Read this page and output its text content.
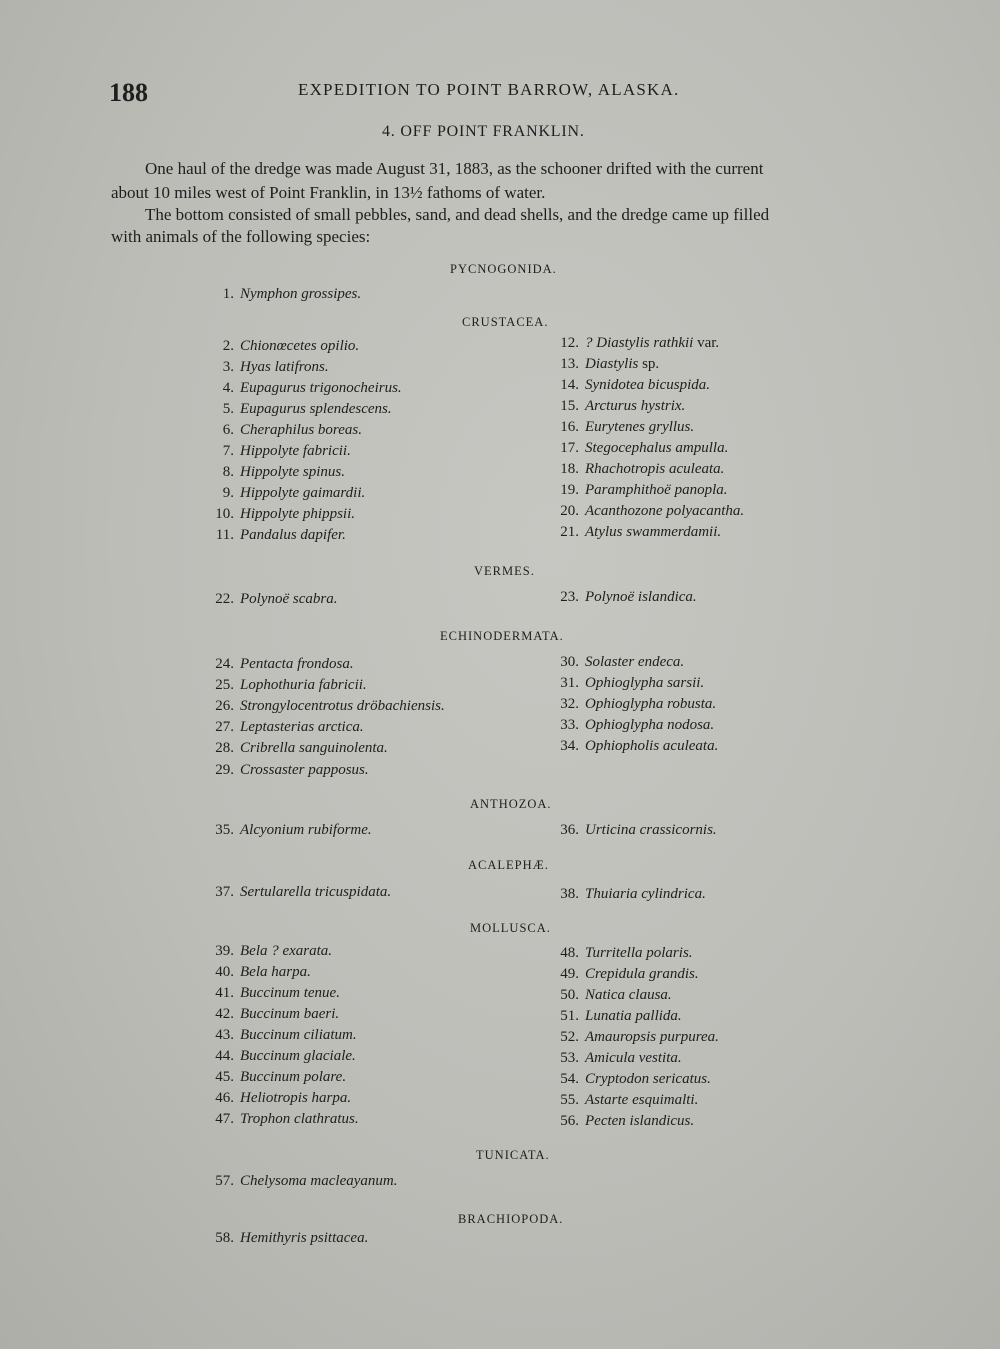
188	EXPEDITION TO POINT BARROW, ALASKA.
4. OFF POINT FRANKLIN.
One haul of the dredge was made August 31, 1883, as the schooner drifted with the current
about 10 miles west of Point Franklin, in 13½ fathoms of water.
The bottom consisted of small pebbles, sand, and dead shells, and the dredge came up filled
with animals of the following species:
PYCNOGONIDA.
CRUSTACEA.
VERMES.
ECHINODERMATA.
ANTHOZOA.
ACALEPHÆ.
MOLLUSCA.
TUNICATA.
BRACHIOPODA.
1. Nymphon grossipes.
2. Chionœcetes opilio.
3. Hyas latifrons.
4. Eupagurus trigonocheirus.
5. Eupagurus splendescens.
6. Cheraphilus boreas.
7. Hippolyte fabricii.
8. Hippolyte spinus.
9. Hippolyte gaimardii.
10. Hippolyte phippsii.
11. Pandalus dapifer.
12. ? Diastylis rathkii var.
13. Diastylis sp.
14. Synidotea bicuspida.
15. Arcturus hystrix.
16. Eurytenes gryllus.
17. Stegocephalus ampulla.
18. Rhachotropis aculeata.
19. Paramphithoë panopla.
20. Acanthozone polyacantha.
21. Atylus swammerdamii.
22. Polynoë scabra.	23. Polynoë islandica.
24. Pentacta frondosa.
25. Lophothuria fabricii.
26. Strongylocentrotus dröbachiensis.
27. Leptasterias arctica.
28. Cribrella sanguinolenta.
29. Crossaster papposus.
30. Solaster endeca.
31. Ophioglypha sarsii.
32. Ophioglypha robusta.
33. Ophioglypha nodosa.
34. Ophiopholis aculeata.
35. Alcyonium rubiforme.	36. Urticina crassicornis.
37. Sertularella tricuspidata.	38. Thuiaria cylindrica.
39. Bela ? exarata.
40. Bela harpa.
41. Buccinum tenue.
42. Buccinum baeri.
43. Buccinum ciliatum.
44. Buccinum glaciale.
45. Buccinum polare.
46. Heliotropis harpa.
47. Trophon clathratus.
48. Turritella polaris.
49. Crepidula grandis.
50. Natica clausa.
51. Lunatia pallida.
52. Amauropsis purpurea.
53. Amicula vestita.
54. Cryptodon sericatus.
55. Astarte esquimalti.
56. Pecten islandicus.
57. Chelysoma macleayanum.
58. Hemithyris psittacea.
